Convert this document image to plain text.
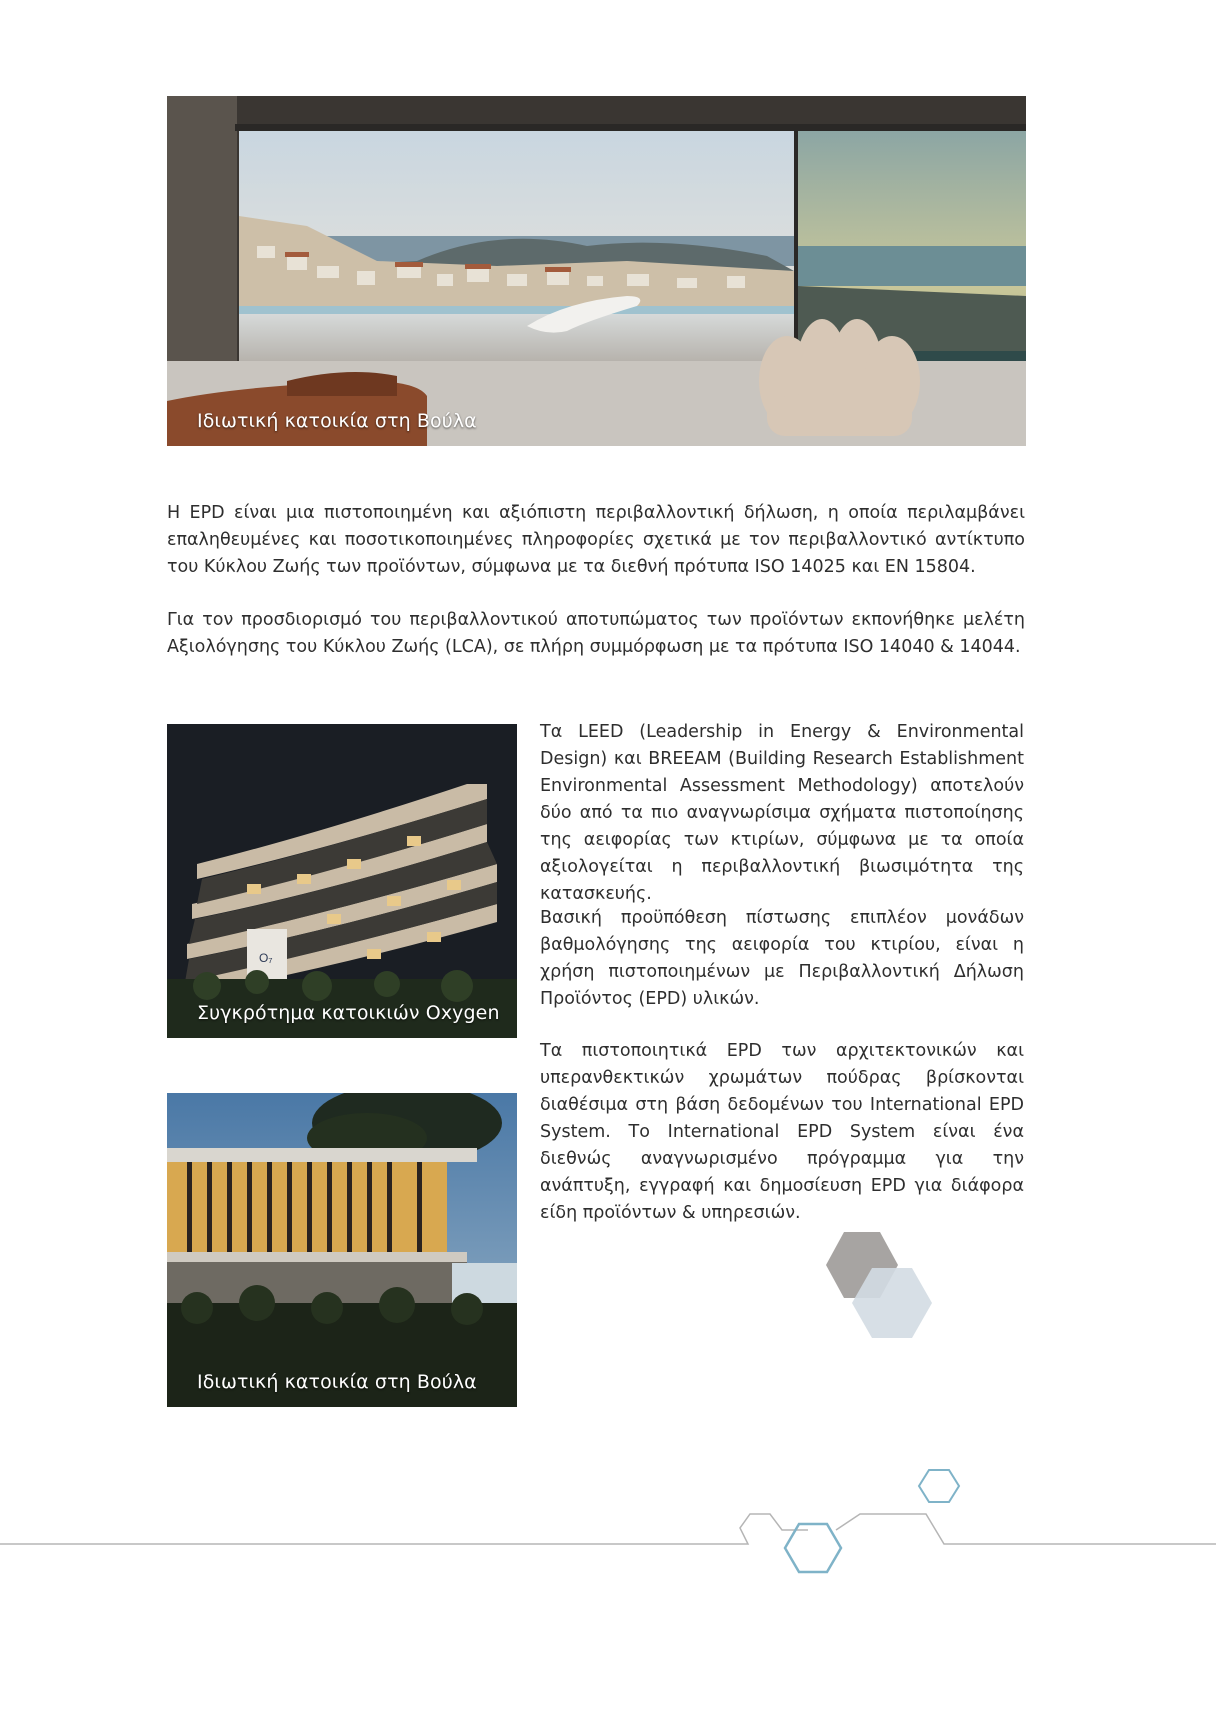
Ιδιωτική κατοικία στη Βούλα

Η EPD είναι μια πιστοποιημένη και αξιόπιστη περιβαλλοντική δήλωση, η οποία περιλαμβάνει επαληθευμένες και ποσοτικοποιημένες πληροφορίες σχετικά με τον περιβαλλοντικό αντίκτυπο του Κύκλου Ζωής των προϊόντων, σύμφωνα με τα διεθνή πρότυπα ISO 14025 και EN 15804.

Για τον προσδιορισμό του περιβαλλοντικού αποτυπώματος των προϊόντων εκπονήθηκε μελέτη Αξιολόγησης του Κύκλου Ζωής (LCA), σε πλήρη συμμόρφωση με τα πρότυπα ISO 14040 & 14044.

O₇
Συγκρότημα κατοικιών Oxygen
Ιδιωτική κατοικία στη Βούλα

Τα LEED (Leadership in Energy & Environmental Design) και BREEAM (Building Research Establishment Environmental Assessment Methodology) αποτελούν δύο από τα πιο αναγνωρίσιμα σχήματα πιστοποίησης της αειφορίας των κτιρίων, σύμφωνα με τα οποία αξιολογείται η περιβαλλοντική βιωσιμότητα της κατασκευής.

Βασική προϋπόθεση πίστωσης επιπλέον μονάδων βαθμολόγησης της αειφορία του κτιρίου, είναι η χρήση πιστοποιημένων με Περιβαλλοντική Δήλωση Προϊόντος (EPD) υλικών.

Τα πιστοποιητικά EPD των αρχιτεκτονικών και υπερανθεκτικών χρωμάτων πούδρας βρίσκονται διαθέσιμα στη βάση δεδομένων του International EPD System. Το International EPD System είναι ένα διεθνώς αναγνωρισμένο πρόγραμμα για την ανάπτυξη, εγγραφή και δημοσίευση EPD για διάφορα είδη προϊόντων & υπηρεσιών.
